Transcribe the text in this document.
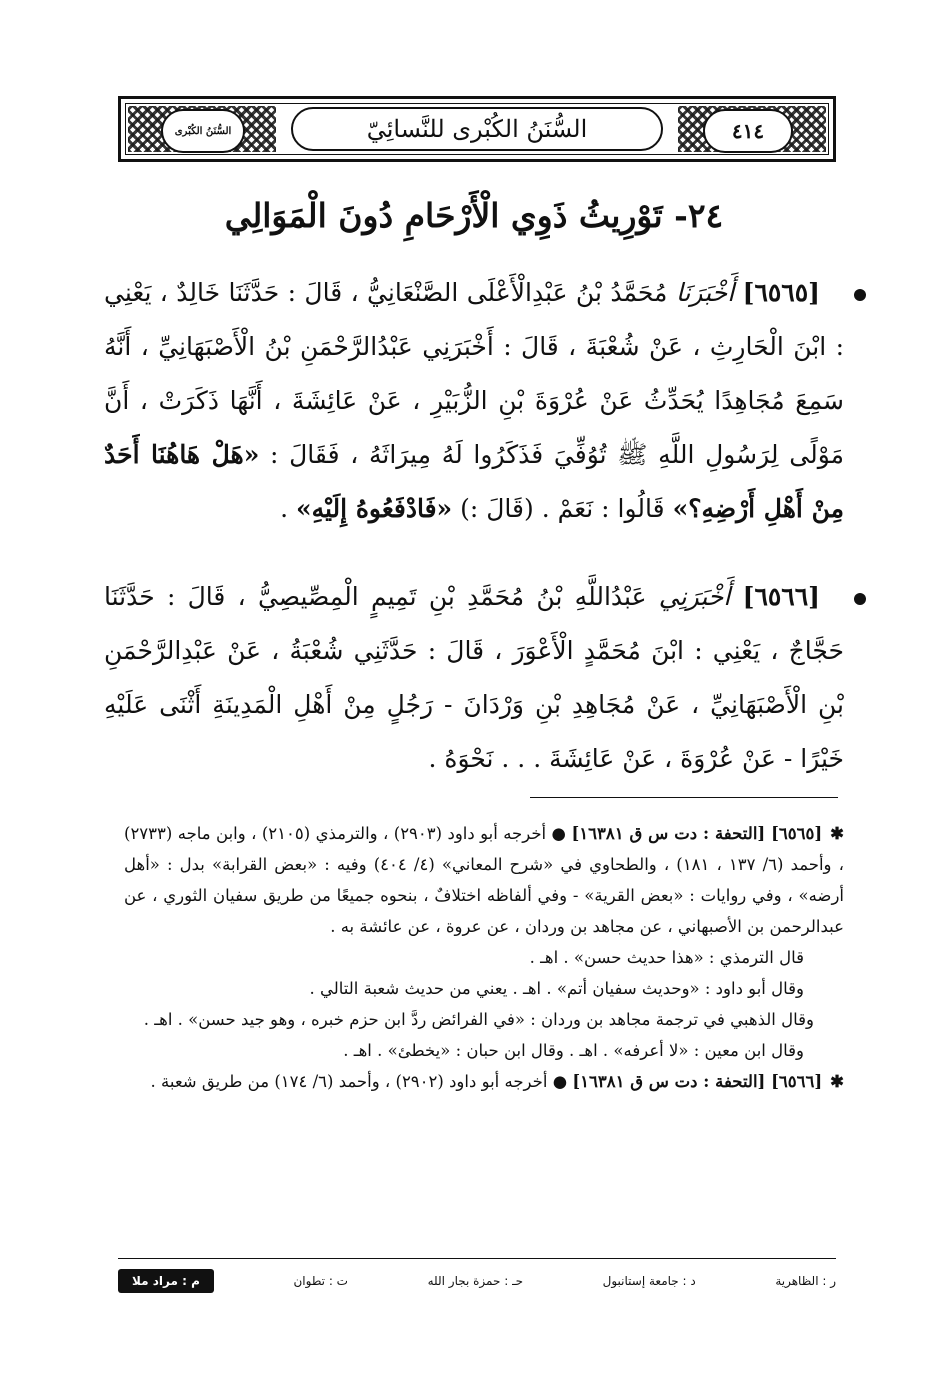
٤١٤
السُّنَنُ الكُبْرى	السُّنَنُ الكُبْرى للنَّسائِيّ
٢٤- تَوْرِيثُ ذَوِي الْأَرْحَامِ دُونَ الْمَوَالِي
[٦٥٦٥] أَخْبَرَنَا مُحَمَّدُ بْنُ عَبْدِالْأَعْلَى الصَّنْعَانِيُّ ، قَالَ : حَدَّثَنَا خَالِدٌ ، يَعْنِي : ابْنَ الْحَارِثِ ، عَنْ شُعْبَةَ ، قَالَ : أَخْبَرَنِي عَبْدُالرَّحْمَنِ بْنُ الْأَصْبَهَانِيِّ ، أَنَّهُ سَمِعَ مُجَاهِدًا يُحَدِّثُ عَنْ عُرْوَةَ بْنِ الزُّبَيْرِ ، عَنْ عَائِشَةَ ، أَنَّهَا ذَكَرَتْ ، أَنَّ مَوْلًى لِرَسُولِ اللَّهِ ﷺ تُوُفِّيَ فَذَكَرُوا لَهُ مِيرَاثَهُ ، فَقَالَ : «هَلْ هَاهُنَا أَحَدٌ مِنْ أَهْلِ أَرْضِهِ؟» قَالُوا : نَعَمْ . (قَالَ :) «فَادْفَعُوهُ إِلَيْهِ» .
[٦٥٦٦] أَخْبَرَنِي عَبْدُاللَّهِ بْنُ مُحَمَّدِ بْنِ تَمِيمٍ الْمِصِّيصِيُّ ، قَالَ : حَدَّثَنَا حَجَّاجٌ ، يَعْنِي : ابْنَ مُحَمَّدٍ الْأَعْوَرَ ، قَالَ : حَدَّثَنِي شُعْبَةُ ، عَنْ عَبْدِالرَّحْمَنِ بْنِ الْأَصْبَهَانِيِّ ، عَنْ مُجَاهِدِ بْنِ وَرْدَانَ - رَجُلٍ مِنْ أَهْلِ الْمَدِينَةِ أَثْنَى عَلَيْهِ خَيْرًا - عَنْ عُرْوَةَ ، عَنْ عَائِشَةَ . . . نَحْوَهُ .
✱[٦٥٦٥] [التحفة : دت س ق ١٦٣٨١] ● أخرجه أبو داود (٢٩٠٣) ، والترمذي (٢١٠٥) ، وابن ماجه (٢٧٣٣) ، وأحمد (٦/ ١٣٧ ، ١٨١) ، والطحاوي في «شرح المعاني» (٤/ ٤٠٤) وفيه : «بعض القرابة» بدل : «أهل أرضه» ، وفي روايات : «بعض القرية» - وفي ألفاظه اختلافٌ ، بنحوه جميعًا من طريق سفيان الثوري ، عن عبدالرحمن بن الأصبهاني ، عن مجاهد بن وردان ، عن عروة ، عن عائشة به .
قال الترمذي : «هذا حديث حسن» . اهـ .
وقال أبو داود : «وحديث سفيان أتم» . اهـ . يعني من حديث شعبة التالي .
وقال الذهبي في ترجمة مجاهد بن وردان : «في الفرائض ردَّ ابن حزم خبره ، وهو جيد حسن» . اهـ .
وقال ابن معين : «لا أعرفه» . اهـ . وقال ابن حبان : «يخطئ» . اهـ .
✱[٦٥٦٦] [التحفة : دت س ق ١٦٣٨١] ● أخرجه أبو داود (٢٩٠٢) ، وأحمد (٦/ ١٧٤) من طريق شعبة .
ر : الظاهرية
د : جامعة إستانبول
حـ : حمزة بجار الله
ت : تطوان
م : مراد ملا
